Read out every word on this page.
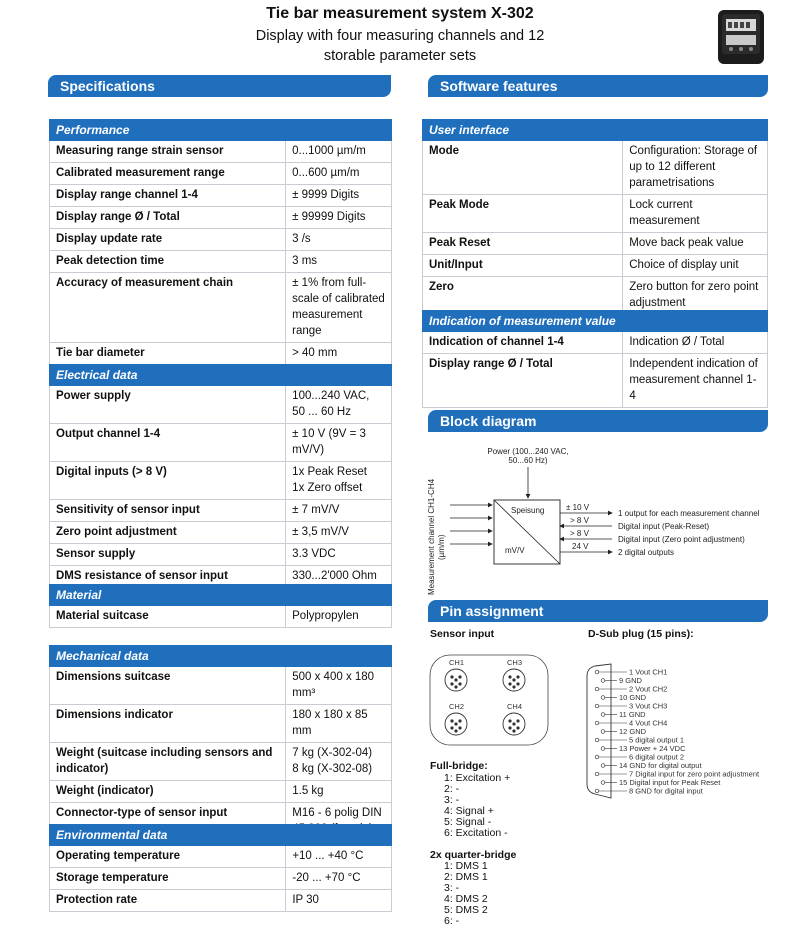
Tie bar measurement system X-302
Display with four measuring channels and 12
storable parameter sets
Specifications	Software features
Block diagram
Pin assignment
Performance	
Measuring range strain sensor	0...1000 µm/m
Calibrated measurement range	0...600 µm/m
Display range channel 1-4	± 9999 Digits
Display range Ø / Total	± 99999 Digits
Display update rate	3 /s
Peak detection time	3 ms
Accuracy of measurement chain	± 1% from full-scale of calibrated measurement range
Tie bar diameter	> 40 mm
Electrical data	
Power supply	100...240 VAC, 50 ... 60 Hz
Output channel 1-4	± 10 V (9V = 3 mV/V)
Digital inputs (> 8 V)	1x Peak Reset
1x Zero offset

Sensitivity of sensor input	± 7 mV/V
Zero point adjustment	± 3,5 mV/V
Sensor supply	3.3 VDC
DMS resistance of sensor input	330...2'000 Ohm
Material
Material suitcase	Polypropylen
Mechanical data	
Dimensions suitcase	500 x 400 x 180 mm³
Dimensions indicator	180 x 180 x 85 mm
Weight (suitcase including sensors and indicator)	7 kg (X-302-04)
8 kg (X-302-08)

Weight (indicator)	1.5 kg
Connector-type of sensor input	M16 - 6 polig DIN
Environmental data	
Operating temperature	+10 ... +40 °C
Storage temperature	-20 ... +70 °C
Protection rate	IP 30
User interface	
Mode	Configuration: Storage of up to 12 different parametrisations
Peak Mode	Lock current measurement
Peak Reset	Move back peak value
Unit/Input	Choice of display unit
Zero	Zero button for zero point adjustment
Indication of measurement value	
Indication of channel 1-4	Indication Ø / Total
Display range Ø / Total	Independent indication of measurement channel 1-4
Power (100...240 VAC,
50...60 Hz)
Measurement channel CH1-CH4 (µm/m)
Speisung
mV/V
± 10 V
> 8 V
> 8 V
24 V
1 output for each measurement channel
Digital input (Peak-Reset)
Digital input (Zero point adjustment)
2 digital outputs
Sensor input	D-Sub plug (15 pins):
CH1	CH3
CH2	CH4
Full-bridge:
1: Excitation +
2: -
3: -
4: Signal +
5: Signal -
6: Excitation -
2x quarter-bridge
1: DMS 1
2: DMS 1
3: -
4: DMS 2
5: DMS 2
6: -
1 Vout CH1
9 GND
2 Vout CH2
10 GND
3 Vout CH3
11 GND
4 Vout CH4
12 GND
5 digital output 1
13 Power + 24 VDC
6 digital output 2
14 GND for digital output
7 Digital input for zero point adjustment
15 Digital input for Peak Reset
8 GND for digital input
